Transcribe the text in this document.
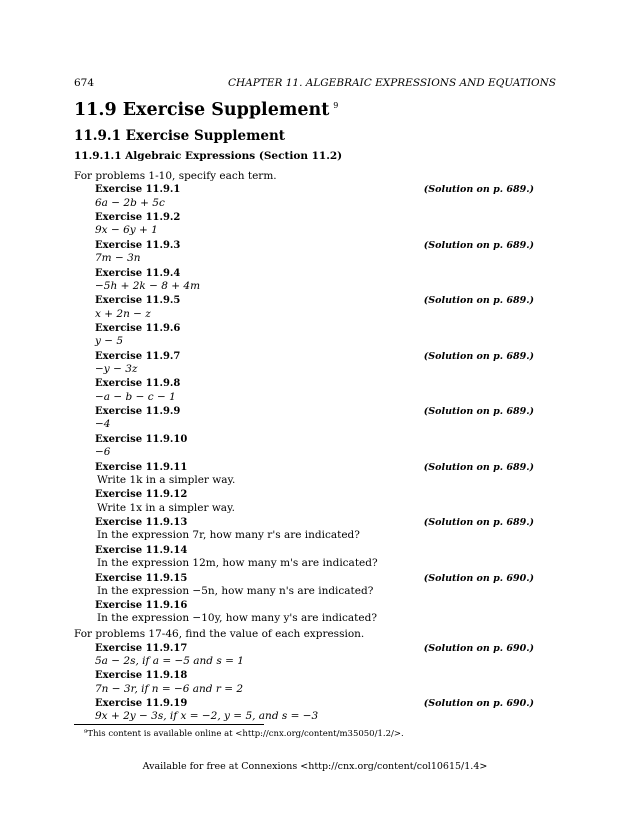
674	CHAPTER 11. ALGEBRAIC EXPRESSIONS AND EQUATIONS
11.9 Exercise Supplement $^9$
11.9.1 Exercise Supplement
11.9.1.1 Algebraic Expressions (Section 11.2)
For problems 1-10, specify each term.
Exercise 11.9.1	(Solution on p. 689.)
6a − 2b + 5c
Exercise 11.9.2
9x − 6y + 1
Exercise 11.9.3	(Solution on p. 689.)
7m − 3n
Exercise 11.9.4
−5h + 2k − 8 + 4m
Exercise 11.9.5	(Solution on p. 689.)
x + 2n − z
Exercise 11.9.6
y − 5
Exercise 11.9.7	(Solution on p. 689.)
−y − 3z
Exercise 11.9.8
−a − b − c − 1
Exercise 11.9.9	(Solution on p. 689.)
−4
Exercise 11.9.10
−6
Exercise 11.9.11	(Solution on p. 689.)
Write 1k in a simpler way.
Exercise 11.9.12
Write 1x in a simpler way.
Exercise 11.9.13	(Solution on p. 689.)
In the expression 7r, how many r's are indicated?
Exercise 11.9.14
In the expression 12m, how many m's are indicated?
Exercise 11.9.15	(Solution on p. 690.)
In the expression −5n, how many n's are indicated?
Exercise 11.9.16
In the expression −10y, how many y's are indicated?
For problems 17-46, find the value of each expression.
Exercise 11.9.17	(Solution on p. 690.)
5a − 2s, if a = −5 and s = 1
Exercise 11.9.18
7n − 3r, if n = −6 and r = 2
Exercise 11.9.19	(Solution on p. 690.)
9x + 2y − 3s, if x = −2, y = 5, and s = −3
⁹This content is available online at <http://cnx.org/content/m35050/1.2/>.
Available for free at Connexions <http://cnx.org/content/col10615/1.4>
